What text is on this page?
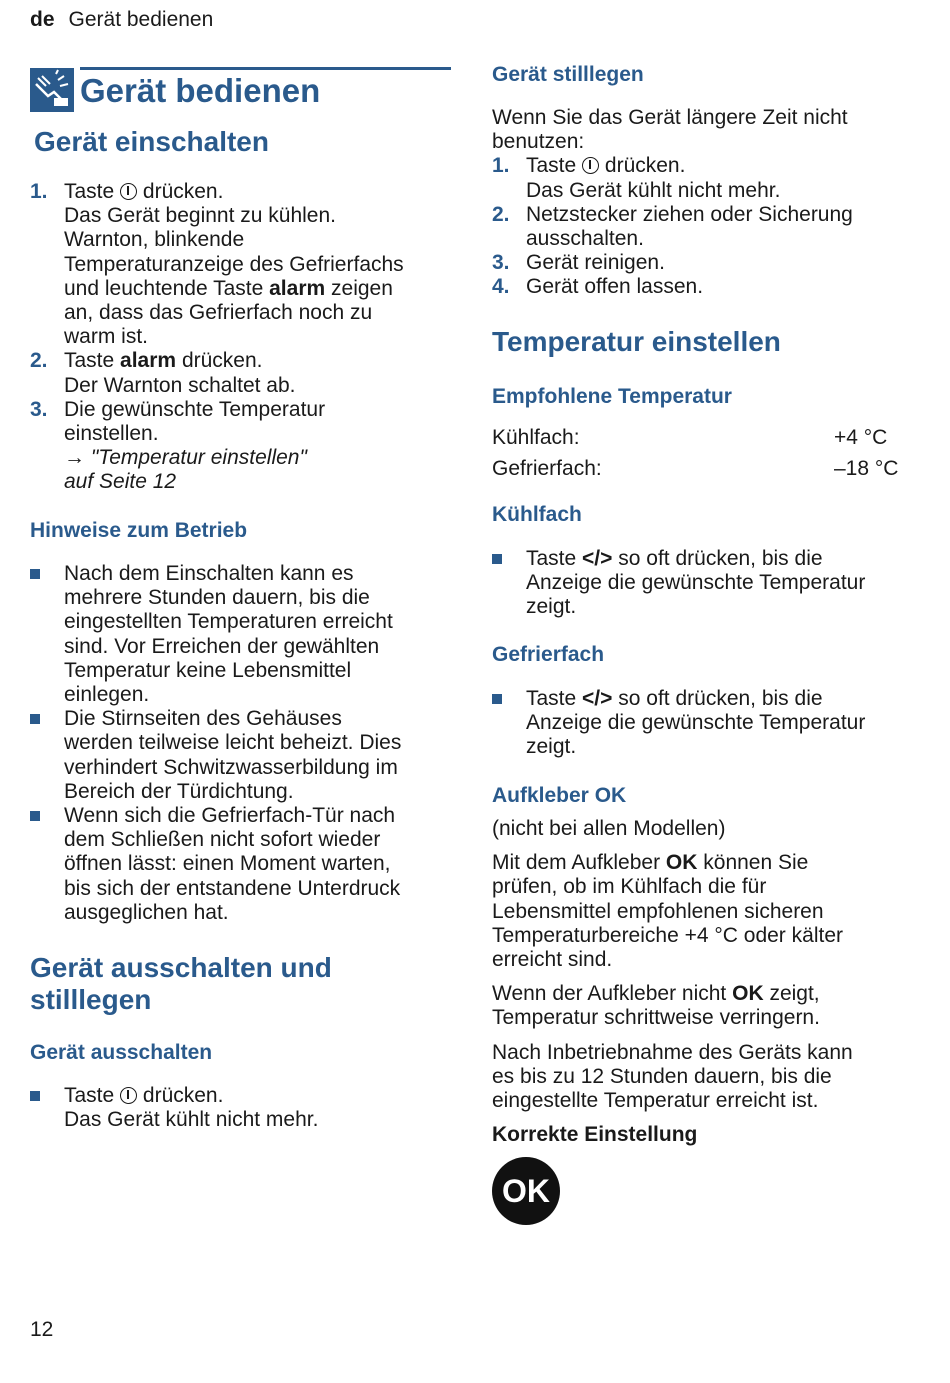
de Gerät bedienen
Gerät bedienen
Gerät einschalten
1. Taste drücken.
Das Gerät beginnt zu kühlen.
Warnton, blinkende
Temperaturanzeige des Gefrierfachs
und leuchtende Taste alarm zeigen
an, dass das Gefrierfach noch zu
warm ist.
2. Taste alarm drücken.
Der Warnton schaltet ab.
3. Die gewünschte Temperatur
einstellen.
→ "Temperatur einstellen"
auf Seite 12
Hinweise zum Betrieb
Nach dem Einschalten kann es
mehrere Stunden dauern, bis die
eingestellten Temperaturen erreicht
sind. Vor Erreichen der gewählten
Temperatur keine Lebensmittel
einlegen.
Die Stirnseiten des Gehäuses
werden teilweise leicht beheizt. Dies
verhindert Schwitzwasserbildung im
Bereich der Türdichtung.
Wenn sich die Gefrierfach-Tür nach
dem Schließen nicht sofort wieder
öffnen lässt: einen Moment warten,
bis sich der entstandene Unterdruck
ausgeglichen hat.
Gerät ausschalten und
stilllegen
Gerät ausschalten
Taste drücken.
Das Gerät kühlt nicht mehr.
Gerät stilllegen
Wenn Sie das Gerät längere Zeit nicht
benutzen:
1. Taste drücken.
Das Gerät kühlt nicht mehr.
2. Netzstecker ziehen oder Sicherung
ausschalten.
3. Gerät reinigen.
4. Gerät offen lassen.
Temperatur einstellen
Empfohlene Temperatur
Kühlfach:	+4 °C
Gefrierfach:	–18 °C
Kühlfach
Taste </> so oft drücken, bis die
Anzeige die gewünschte Temperatur
zeigt.
Gefrierfach
Taste </> so oft drücken, bis die
Anzeige die gewünschte Temperatur
zeigt.
Aufkleber OK
(nicht bei allen Modellen)
Mit dem Aufkleber OK können Sie
prüfen, ob im Kühlfach die für
Lebensmittel empfohlenen sicheren
Temperaturbereiche +4 °C oder kälter
erreicht sind.
Wenn der Aufkleber nicht OK zeigt,
Temperatur schrittweise verringern.
Nach Inbetriebnahme des Geräts kann
es bis zu 12 Stunden dauern, bis die
eingestellte Temperatur erreicht ist.
Korrekte Einstellung
OK
12
